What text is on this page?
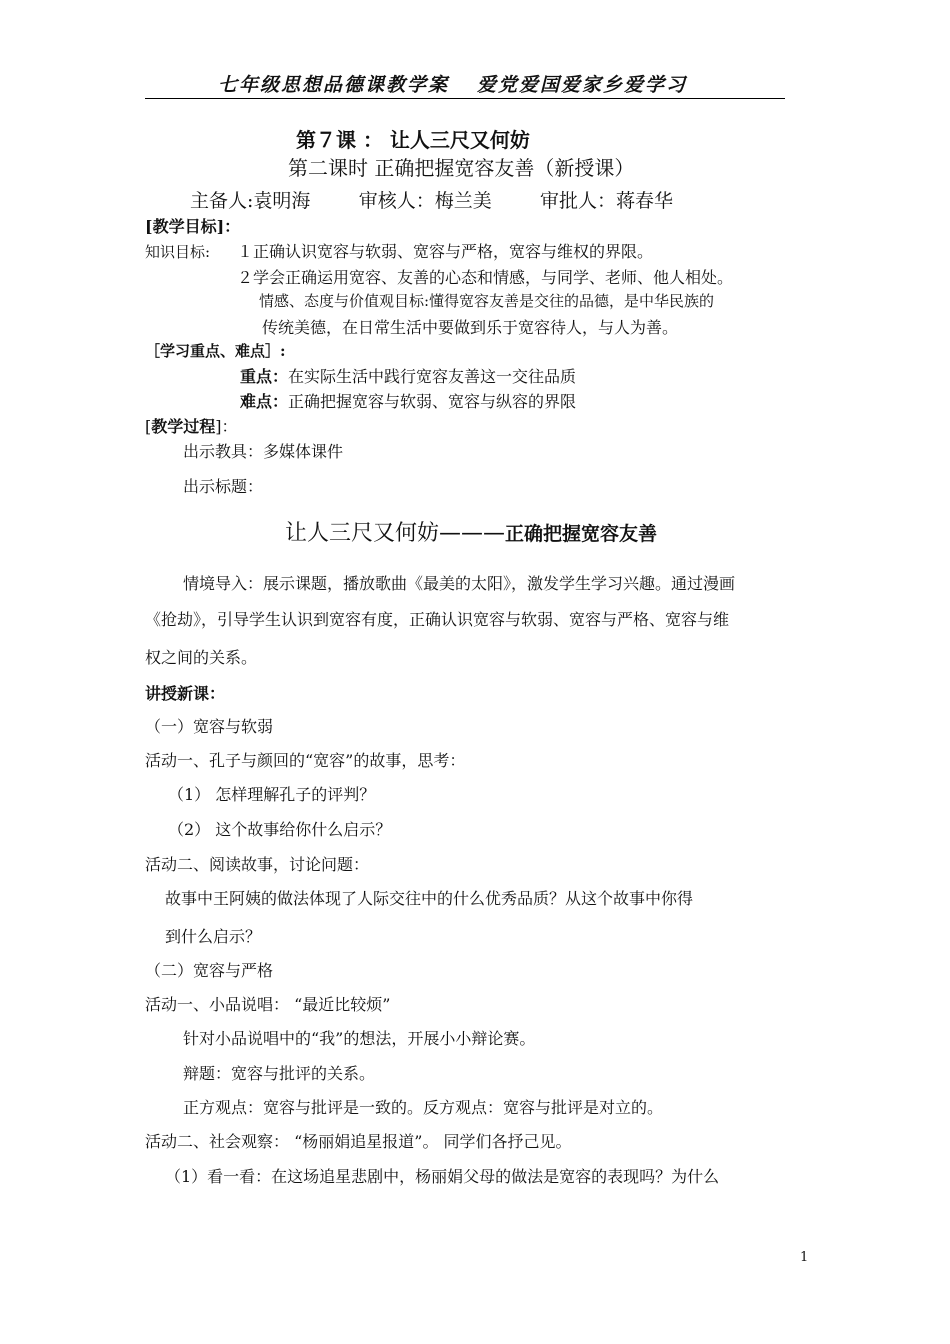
七年级思想品德课教学案 爱党爱国爱家乡爱学习
第７课 ： 让人三尺又何妨
第二课时 正确把握宽容友善（新授课）
主备人:袁明海        审核人：梅兰美        审批人：蒋春华
[教学目标]：
知识目标: １正确认识宽容与软弱、宽容与严格，宽容与维权的界限。
２学会正确运用宽容、友善的心态和情感，与同学、老师、他人相处。
情感、态度与价值观目标:懂得宽容友善是交往的品德，是中华民族的
传统美德，在日常生活中要做到乐于宽容待人，与人为善。
［学习重点、难点］:
重点：在实际生活中践行宽容友善这一交往品质
难点：正确把握宽容与软弱、宽容与纵容的界限
[教学过程]：
出示教具：多媒体课件
出示标题：
让人三尺又何妨———正确把握宽容友善
情境导入：展示课题，播放歌曲《最美的太阳》，激发学生学习兴趣。通过漫画
《抢劫》，引导学生认识到宽容有度，正确认识宽容与软弱、宽容与严格、宽容与维
权之间的关系。
讲授新课：
（一）宽容与软弱
活动一、孔子与颜回的“宽容”的故事，思考：
（1） 怎样理解孔子的评判？
（2） 这个故事给你什么启示？
活动二、阅读故事，讨论问题：
故事中王阿姨的做法体现了人际交往中的什么优秀品质？从这个故事中你得
到什么启示？
（二）宽容与严格
活动一、小品说唱： “最近比较烦”
针对小品说唱中的“我”的想法，开展小小辩论赛。
辩题：宽容与批评的关系。
正方观点：宽容与批评是一致的。反方观点：宽容与批评是对立的。
活动二、社会观察： “杨丽娟追星报道”。 同学们各抒己见。
（1）看一看：在这场追星悲剧中，杨丽娟父母的做法是宽容的表现吗？为什么
1
